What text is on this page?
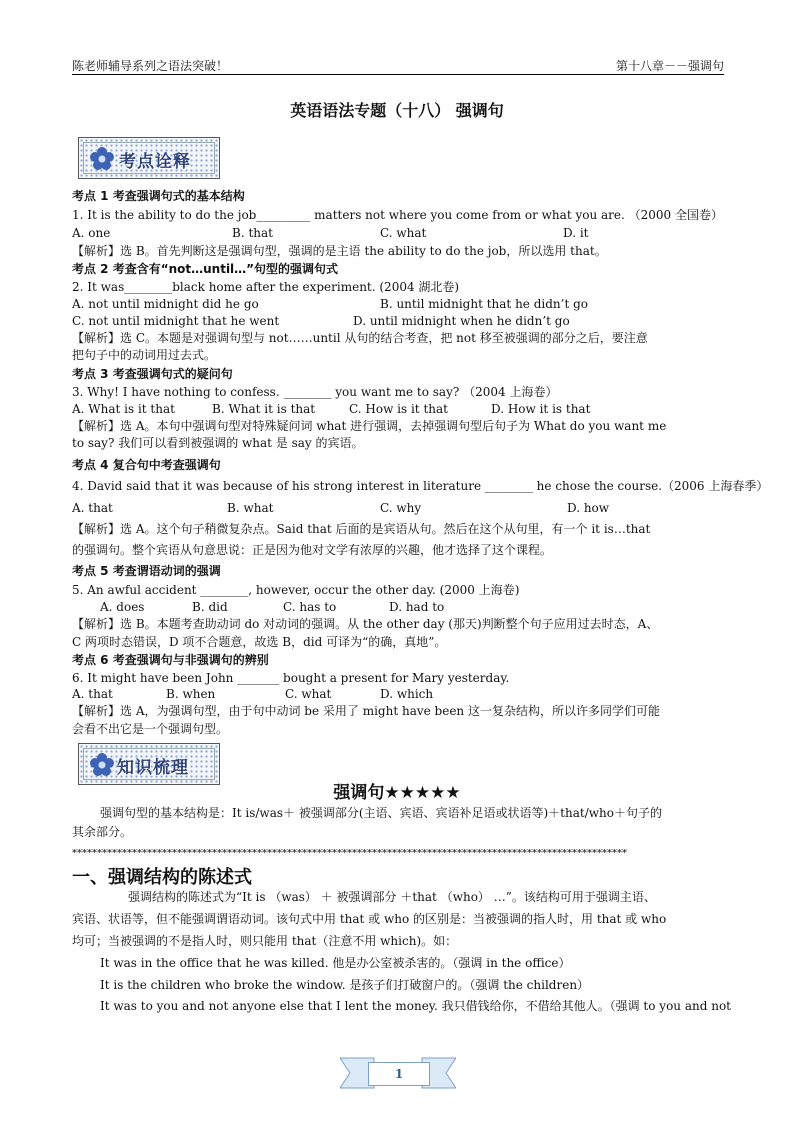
陈老师辅导系列之语法突破！	第十八章－－强调句
英语语法专题（十八） 强调句
考点诠释
考点 1 考查强调句式的基本结构
1. It is the ability to do the job_________ matters not where you come from or what you are. （2000 全国卷）
A. one	B. that	C. what	D. it
【解析】选 B。首先判断这是强调句型，强调的是主语 the ability to do the job，所以选用 that。
考点 2 考查含有“not…until…”句型的强调句式
2. It was________black home after the experiment. (2004 湖北卷)
A. not until midnight did he go	B. until midnight that he didn’t go
C. not until midnight that he went	D. until midnight when he didn’t go
【解析】选 C。本题是对强调句型与 not……until 从句的结合考查，把 not 移至被强调的部分之后，要注意
把句子中的动词用过去式。
考点 3 考查强调句式的疑问句
3. Why! I have nothing to confess. ________ you want me to say? （2004 上海卷）
A. What is it that	B. What it is that	C. How is it that	D. How it is that
【解析】选 A。本句中强调句型对特殊疑问词 what 进行强调，去掉强调句型后句子为 What do you want me
to say? 我们可以看到被强调的 what 是 say 的宾语。
考点 4 复合句中考查强调句
4. David said that it was because of his strong interest in literature ________ he chose the course.（2006 上海春季）
A. that	B. what	C. why	D. how
【解析】选 A。这个句子稍微复杂点。Said that 后面的是宾语从句。然后在这个从句里，有一个 it is…that
的强调句。整个宾语从句意思说：正是因为他对文学有浓厚的兴趣，他才选择了这个课程。
考点 5 考查谓语动词的强调
5. An awful accident ________, however, occur the other day. (2000 上海卷)
A. does	B. did	C. has to	D. had to
【解析】选 B。本题考查助动词 do 对动词的强调。从 the other day (那天)判断整个句子应用过去时态，A、
C 两项时态错误，D 项不合题意，故选 B，did 可译为“的确，真地”。
考点 6 考查强调句与非强调句的辨别
6. It might have been John _______ bought a present for Mary yesterday.
A. that	B. when	C. what	D. which
【解析】选 A，为强调句型，由于句中动词 be 采用了 might have been 这一复杂结构，所以许多同学们可能
会看不出它是一个强调句型。
知识梳理
强调句★★★★★
强调句型的基本结构是：It is/was＋ 被强调部分(主语、宾语、宾语补足语或状语等)＋that/who＋句子的
其余部分。
***************************************************************************************************************
一、强调结构的陈述式
强调结构的陈述式为“It is （was） ＋ 被强调部分 ＋that （who） …”。该结构可用于强调主语、
宾语、状语等，但不能强调谓语动词。该句式中用 that 或 who 的区别是：当被强调的指人时，用 that 或 who
均可；当被强调的不是指人时，则只能用 that（注意不用 which)。如：
It was in the office that he was killed. 他是办公室被杀害的。（强调 in the office）
It is the children who broke the window. 是孩子们打破窗户的。（强调 the children）
It was to you and not anyone else that I lent the money. 我只借钱给你，不借给其他人。（强调 to you and not
1
